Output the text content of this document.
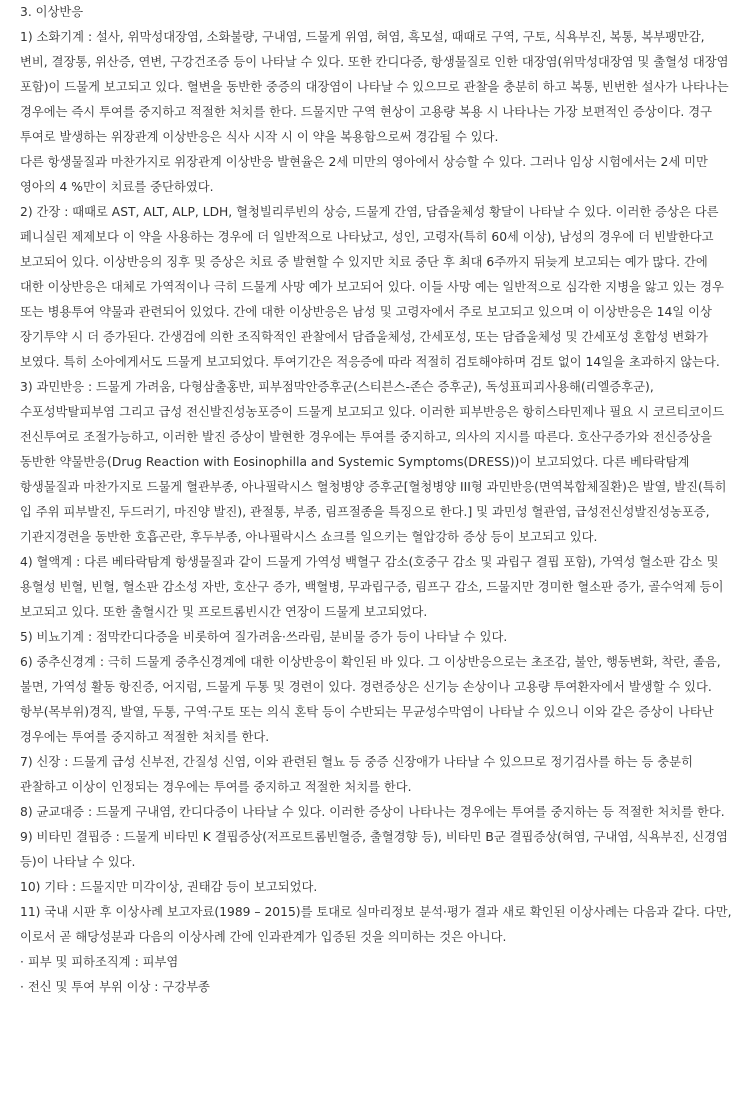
3. 이상반응

1) 소화기계 : 설사, 위막성대장염, 소화불량, 구내염, 드물게 위염, 혀염, 흑모설, 때때로 구역, 구토, 식욕부진, 복통, 복부팽만감, 변비, 결장통, 위산증, 연변, 구강건조증 등이 나타날 수 있다. 또한 칸디다증, 항생물질로 인한 대장염(위막성대장염 및 출혈성 대장염 포함)이 드물게 보고되고 있다. 혈변을 동반한 중증의 대장염이 나타날 수 있으므로 관찰을 충분히 하고 복통, 빈번한 설사가 나타나는 경우에는 즉시 투여를 중지하고 적절한 처치를 한다. 드물지만 구역 현상이 고용량 복용 시 나타나는 가장 보편적인 증상이다. 경구 투여로 발생하는 위장관계 이상반응은 식사 시작 시 이 약을 복용함으로써 경감될 수 있다.

다른 항생물질과 마찬가지로 위장관계 이상반응 발현율은 2세 미만의 영아에서 상승할 수 있다. 그러나 임상 시험에서는 2세 미만 영아의 4 %만이 치료를 중단하였다.

2) 간장 : 때때로 AST, ALT, ALP, LDH, 혈청빌리루빈의 상승, 드물게 간염, 담즙울체성 황달이 나타날 수 있다. 이러한 증상은 다른 페니실린 제제보다 이 약을 사용하는 경우에 더 일반적으로 나타났고, 성인, 고령자(특히 60세 이상), 남성의 경우에 더 빈발한다고 보고되어 있다. 이상반응의 징후 및 증상은 치료 중 발현할 수 있지만 치료 중단 후 최대 6주까지 뒤늦게 보고되는 예가 많다. 간에 대한 이상반응은 대체로 가역적이나 극히 드물게 사망 예가 보고되어 있다. 이들 사망 예는 일반적으로 심각한 지병을 앓고 있는 경우 또는 병용투여 약물과 관련되어 있었다. 간에 대한 이상반응은 남성 및 고령자에서 주로 보고되고 있으며 이 이상반응은 14일 이상 장기투약 시 더 증가된다. 간생검에 의한 조직학적인 관찰에서 담즙울체성, 간세포성, 또는 담즙울체성 및 간세포성 혼합성 변화가 보였다. 특히 소아에게서도 드물게 보고되었다. 투여기간은 적응증에 따라 적절히 검토해야하며 검토 없이 14일을 초과하지 않는다.

3) 과민반응 : 드물게 가려움, 다형삼출홍반, 피부점막안증후군(스티븐스-존슨 증후군), 독성표피괴사용해(리엘증후군), 수포성박탈피부염 그리고 급성 전신발진성농포증이 드물게 보고되고 있다. 이러한 피부반응은 항히스타민제나 필요 시 코르티코이드 전신투여로 조절가능하고, 이러한 발진 증상이 발현한 경우에는 투여를 중지하고, 의사의 지시를 따른다. 호산구증가와 전신증상을 동반한 약물반응(Drug Reaction with Eosinophilla and Systemic Symptoms(DRESS))이 보고되었다. 다른 베타락탐계 항생물질과 마찬가지로 드물게 혈관부종, 아나필락시스 혈청병양 증후군[혈청병양 III형 과민반응(면역복합체질환)은 발열, 발진(특히 입 주위 피부발진, 두드러기, 마진양 발진), 관절통, 부종, 림프절종을 특징으로 한다.] 및 과민성 혈관염, 급성전신성발진성농포증, 기관지경련을 동반한 호흡곤란, 후두부종, 아나필락시스 쇼크를 일으키는 혈압강하 증상 등이 보고되고 있다.

4) 혈액계 : 다른 베타락탐계 항생물질과 같이 드물게 가역성 백혈구 감소(호중구 감소 및 과립구 결핍 포함), 가역성 혈소판 감소 및 용혈성 빈혈, 빈혈, 혈소판 감소성 자반, 호산구 증가, 백혈병, 무과립구증, 림프구 감소, 드물지만 경미한 혈소판 증가, 골수억제 등이 보고되고 있다. 또한 출혈시간 및 프로트롬빈시간 연장이 드물게 보고되었다.

5) 비뇨기계 : 점막칸디다증을 비롯하여 질가려움·쓰라림, 분비물 증가 등이 나타날 수 있다.

6) 중추신경계 : 극히 드물게 중추신경계에 대한 이상반응이 확인된 바 있다. 그 이상반응으로는 초조감, 불안, 행동변화, 착란, 졸음, 불면, 가역성 활동 항진증, 어지럼, 드물게 두통 및 경련이 있다. 경련증상은 신기능 손상이나 고용량 투여환자에서 발생할 수 있다. 항부(목부위)경직, 발열, 두통, 구역·구토 또는 의식 혼탁 등이 수반되는 무균성수막염이 나타날 수 있으니 이와 같은 증상이 나타난 경우에는 투여를 중지하고 적절한 처치를 한다.

7) 신장 : 드물게 급성 신부전, 간질성 신염, 이와 관련된 혈뇨 등 중증 신장애가 나타날 수 있으므로 정기검사를 하는 등 충분히 관찰하고 이상이 인정되는 경우에는 투여를 중지하고 적절한 처치를 한다.

8) 균교대증 : 드물게 구내염, 칸디다증이 나타날 수 있다. 이러한 증상이 나타나는 경우에는 투여를 중지하는 등 적절한 처치를 한다.

9) 비타민 결핍증 : 드물게 비타민 K 결핍증상(저프로트롬빈혈증, 출혈경향 등), 비타민 B군 결핍증상(혀염, 구내염, 식욕부진, 신경염 등)이 나타날 수 있다.

10) 기타 : 드물지만 미각이상, 권태감 등이 보고되었다.

11) 국내 시판 후 이상사례 보고자료(1989 – 2015)를 토대로 실마리정보 분석·평가 결과 새로 확인된 이상사례는 다음과 같다. 다만, 이로서 곧 해당성분과 다음의 이상사례 간에 인과관계가 입증된 것을 의미하는 것은 아니다.

· 피부 및 피하조직계 : 피부염

· 전신 및 투여 부위 이상 : 구강부종
